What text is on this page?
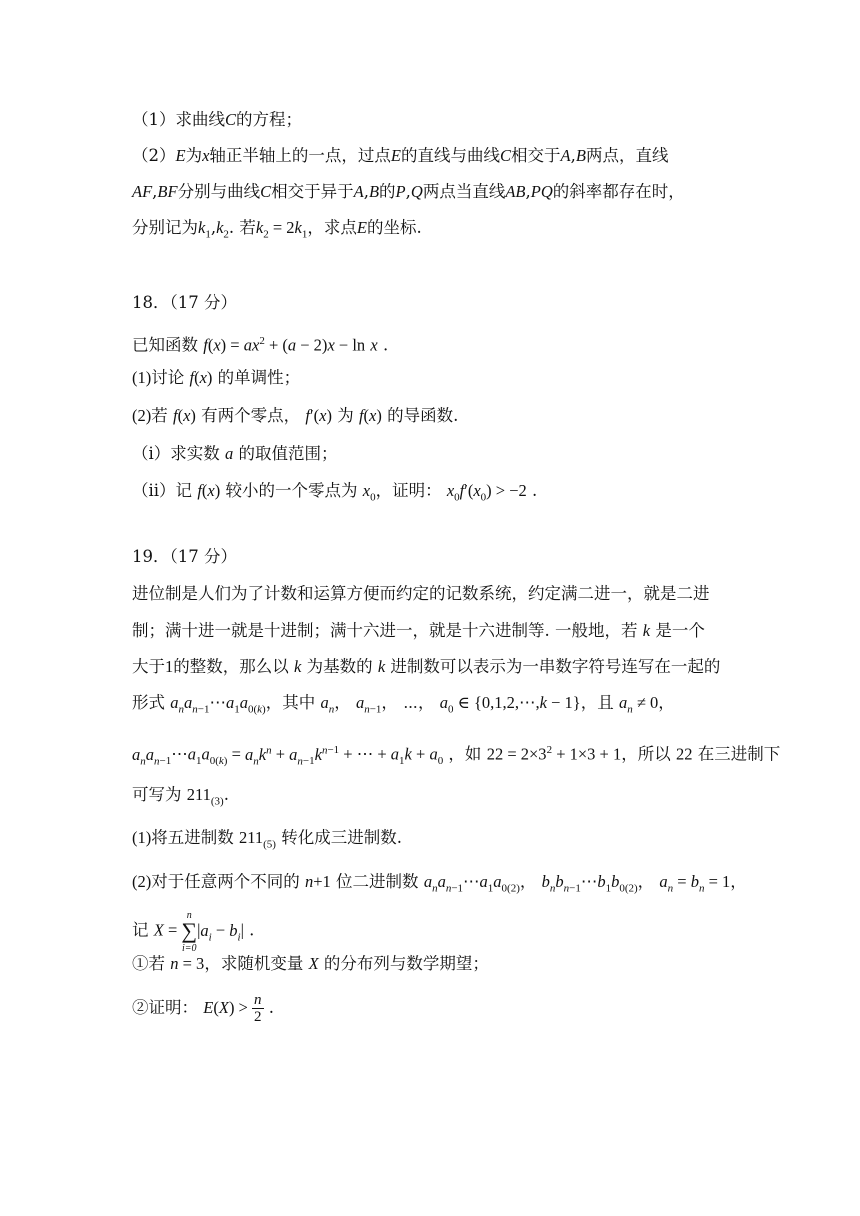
（1）求曲线C的方程；
（2）E为x轴正半轴上的一点，过点E的直线与曲线C相交于A,B两点，直线
AF,BF分别与曲线C相交于异于A,B的P,Q两点当直线AB,PQ的斜率都存在时，
分别记为$k_1,k_2$. 若$k_2 = 2k_1$，求点E的坐标.
18．（17 分）
已知函数 $f(x) = ax^2 + (a - 2)x - \ln x$ .
(1)讨论 f(x) 的单调性；
(2)若 f(x) 有两个零点， f′(x) 为 f(x) 的导函数.
（i）求实数 a 的取值范围；
（ii）记 f(x) 较小的一个零点为 $x_0$，证明： $x_0f'(x_0) > -2$ .
19．（17 分）
进位制是人们为了计数和运算方便而约定的记数系统，约定满二进一，就是二进
制；满十进一就是十进制；满十六进一，就是十六进制等. 一般地，若 k 是一个
大于1的整数，那么以 k 为基数的 k 进制数可以表示为一串数字符号连写在一起的
形式 $a_na_{n-1}\cdots a_1a_{0(k)}$，其中 $a_n$， $a_{n-1}$， ⋯， $a_0$ ∈ {0,1,2,⋯,k − 1}，且 $a_n \ne 0$，
$a_na_{n-1}\cdots a_1a_{0(k)} = a_nk^n + a_{n-1}k^{n-1}$ + ⋯ + $a_1k + a_0$ ，如 $22 = 2\times 3^2 + 1\times 3 + 1$，所以 22 在三进制下
可写为 $211_{(3)}$.
(1)将五进制数 $211_{(5)}$ 转化成三进制数.
(2)对于任意两个不同的 n+1 位二进制数 $a_na_{n-1}\cdots a_1a_{0(2)}$， $b_nb_{n-1}\cdots b_1b_{0(2)}$， $a_n = b_n = 1$，
记 X = n
∑
$i=0|a_i - b_i|$ .
①若 n = 3，求随机变量 X 的分布列与数学期望；
②证明： $E(X) > \frac{n}{2}$ .
